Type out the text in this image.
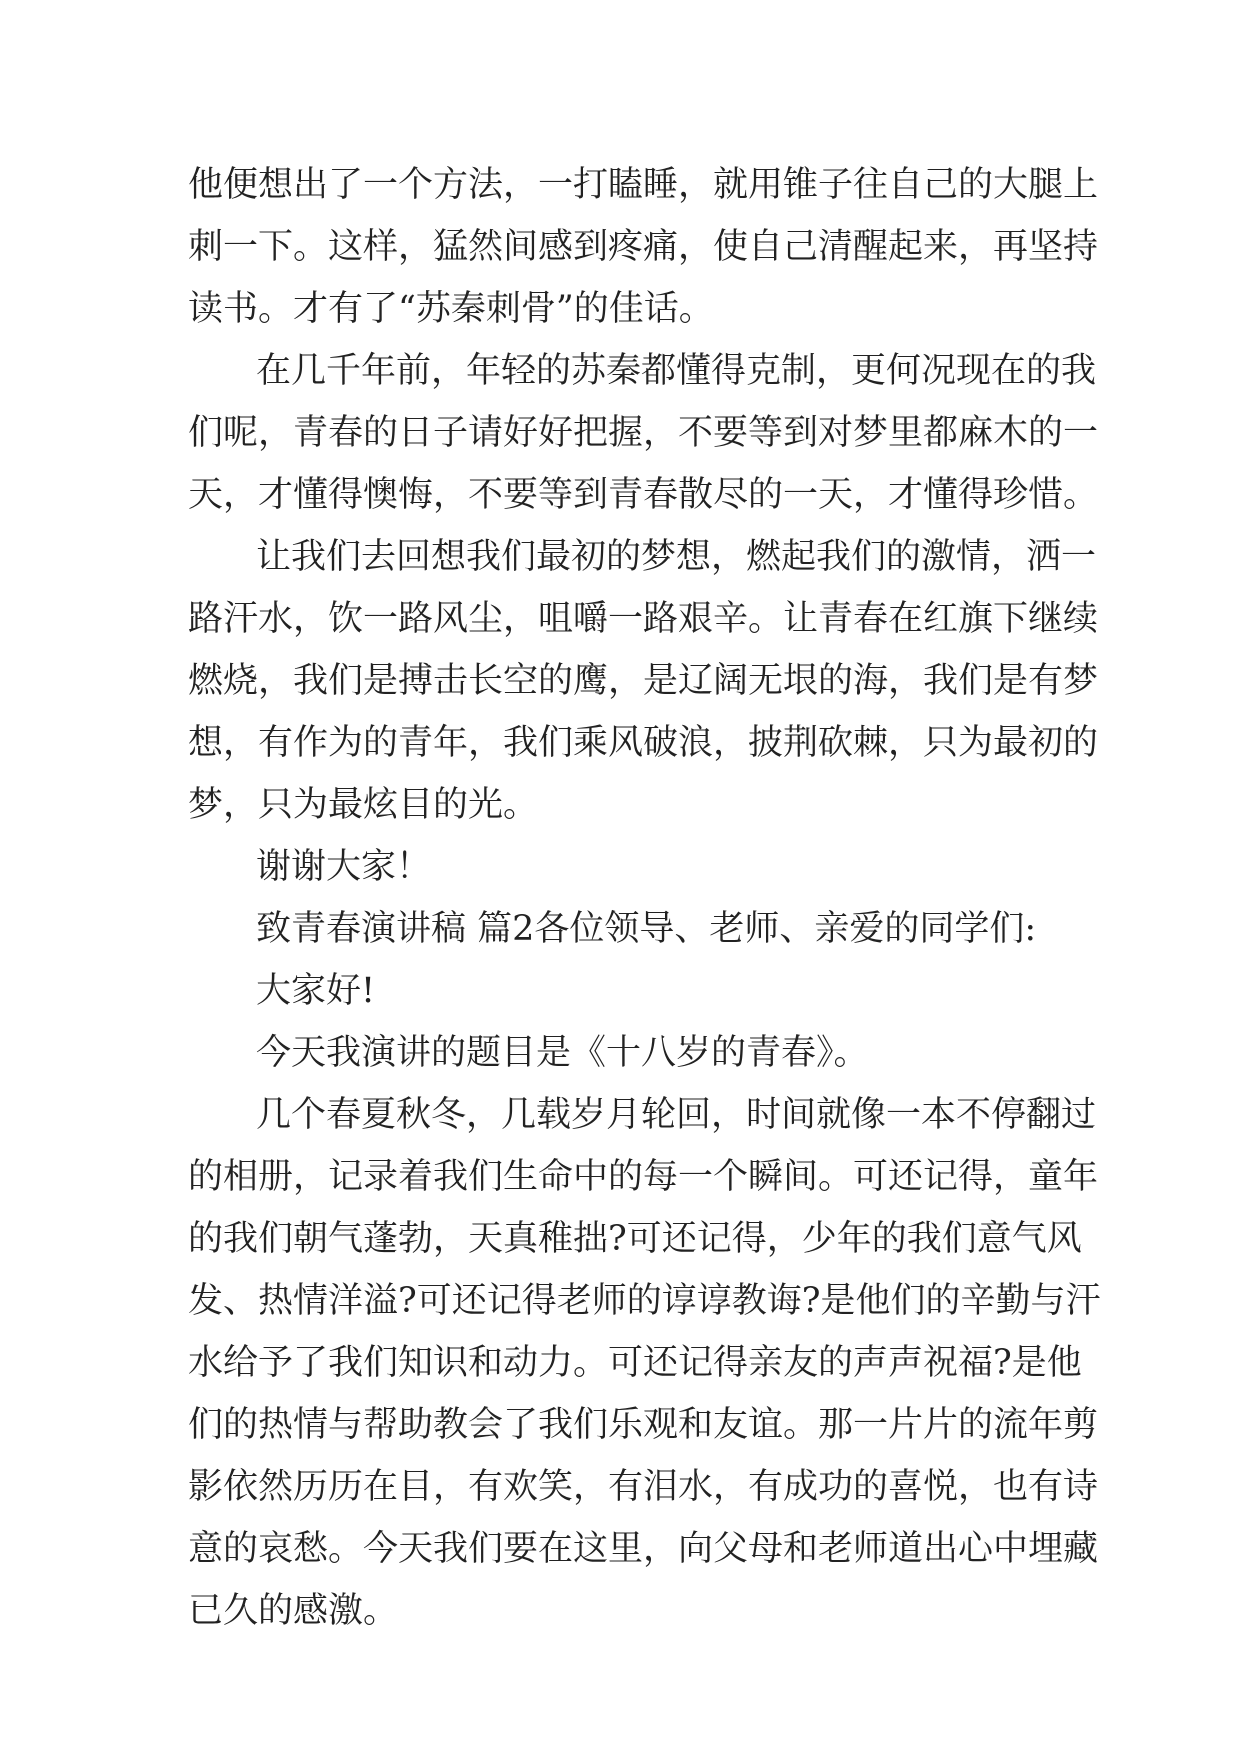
他便想出了一个方法，一打瞌睡，就用锥子往自己的大腿上
刺一下。这样，猛然间感到疼痛，使自己清醒起来，再坚持
读书。才有了“苏秦刺骨”的佳话。
在几千年前，年轻的苏秦都懂得克制，更何况现在的我
们呢，青春的日子请好好把握，不要等到对梦里都麻木的一
天，才懂得懊悔，不要等到青春散尽的一天，才懂得珍惜。
让我们去回想我们最初的梦想，燃起我们的激情，洒一
路汗水，饮一路风尘，咀嚼一路艰辛。让青春在红旗下继续
燃烧，我们是搏击长空的鹰，是辽阔无垠的海，我们是有梦
想，有作为的青年，我们乘风破浪，披荆砍棘，只为最初的
梦，只为最炫目的光。
谢谢大家！
致青春演讲稿 篇2各位领导、老师、亲爱的同学们:
大家好!
今天我演讲的题目是《十八岁的青春》。
几个春夏秋冬，几载岁月轮回，时间就像一本不停翻过
的相册，记录着我们生命中的每一个瞬间。可还记得，童年
的我们朝气蓬勃，天真稚拙?可还记得，少年的我们意气风
发、热情洋溢?可还记得老师的谆谆教诲?是他们的辛勤与汗
水给予了我们知识和动力。可还记得亲友的声声祝福?是他
们的热情与帮助教会了我们乐观和友谊。那一片片的流年剪
影依然历历在目，有欢笑，有泪水，有成功的喜悦，也有诗
意的哀愁。今天我们要在这里，向父母和老师道出心中埋藏
已久的感激。
